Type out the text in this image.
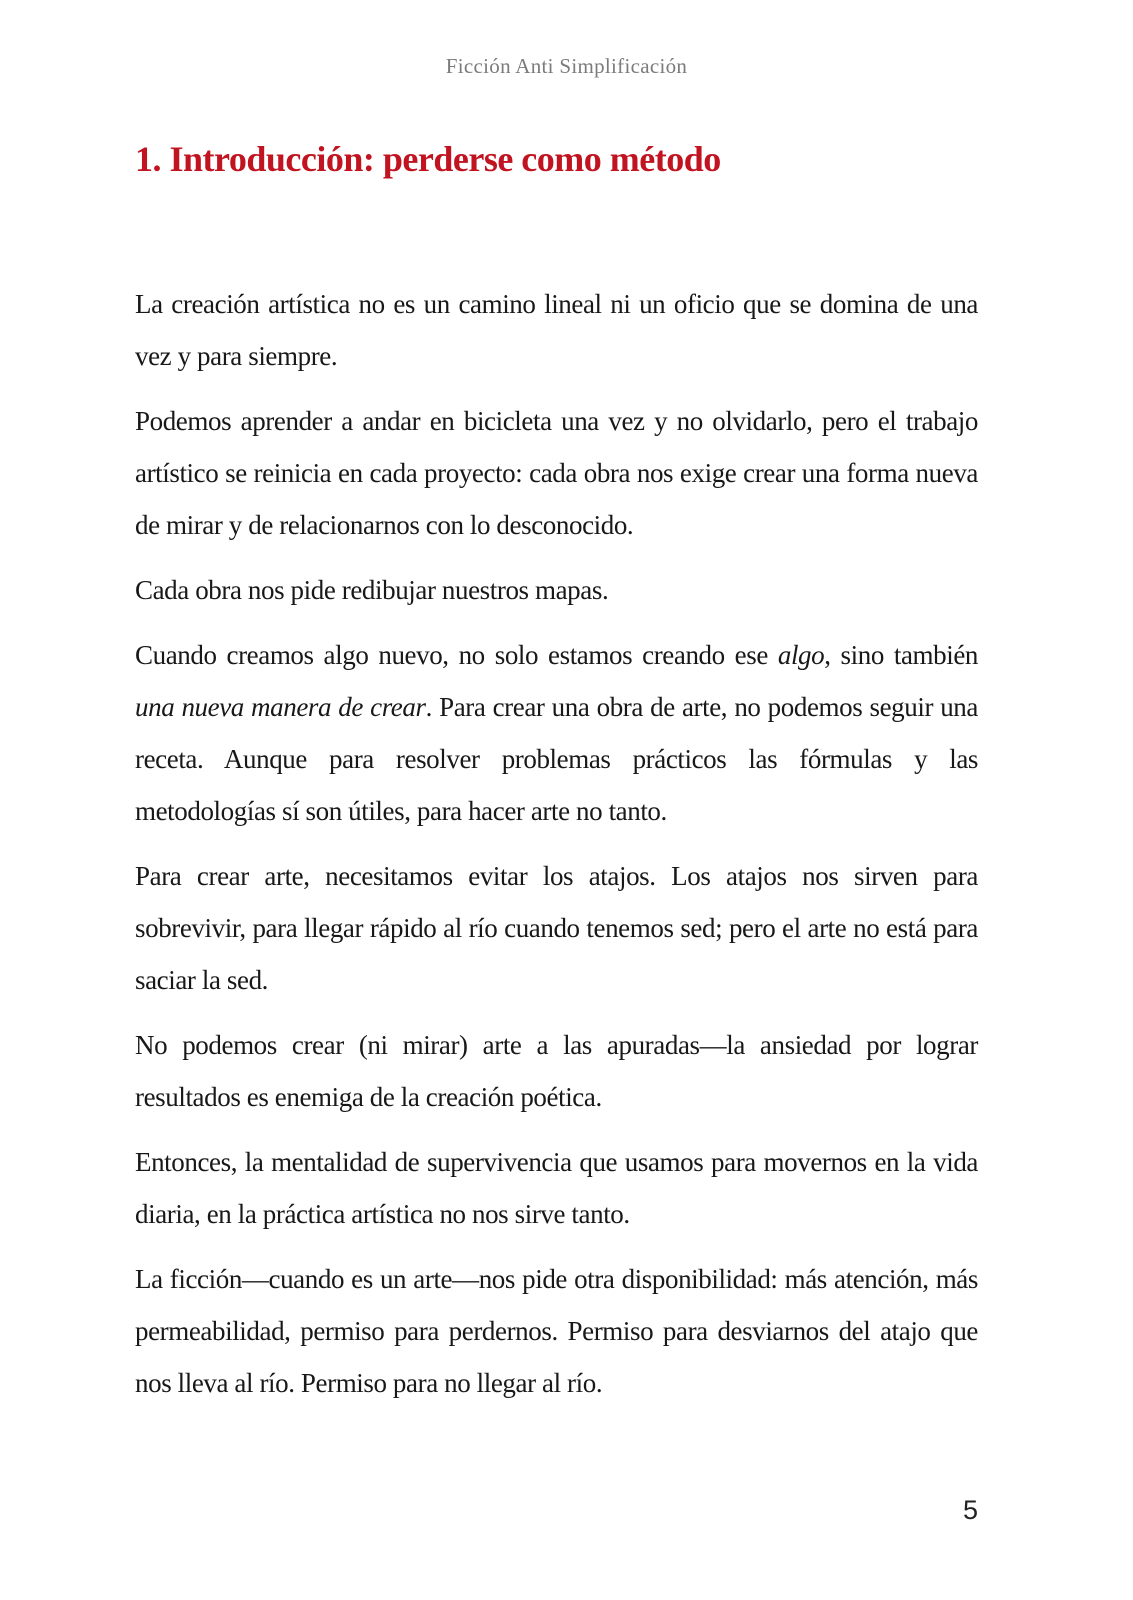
Ficción Anti Simplificación
1. Introducción: perderse como método

La creación artística no es un camino lineal ni un oficio que se domina de una vez y para siempre.

Podemos aprender a andar en bicicleta una vez y no olvidarlo, pero el trabajo artístico se reinicia en cada proyecto: cada obra nos exige crear una forma nueva de mirar y de relacionarnos con lo desconocido.

Cada obra nos pide redibujar nuestros mapas.

Cuando creamos algo nuevo, no solo estamos creando ese algo, sino también una nueva manera de crear. Para crear una obra de arte, no podemos seguir una receta. Aunque para resolver problemas prácticos las fórmulas y las metodologías sí son útiles, para hacer arte no tanto.

Para crear arte, necesitamos evitar los atajos. Los atajos nos sirven para sobrevivir, para llegar rápido al río cuando tenemos sed; pero el arte no está para saciar la sed.

No podemos crear (ni mirar) arte a las apuradas—la ansiedad por lograr resultados es enemiga de la creación poética.

Entonces, la mentalidad de supervivencia que usamos para movernos en la vida diaria, en la práctica artística no nos sirve tanto.

La ficción—cuando es un arte—nos pide otra disponibilidad: más atención, más permeabilidad, permiso para perdernos. Permiso para desviarnos del atajo que nos lleva al río. Permiso para no llegar al río.

5
